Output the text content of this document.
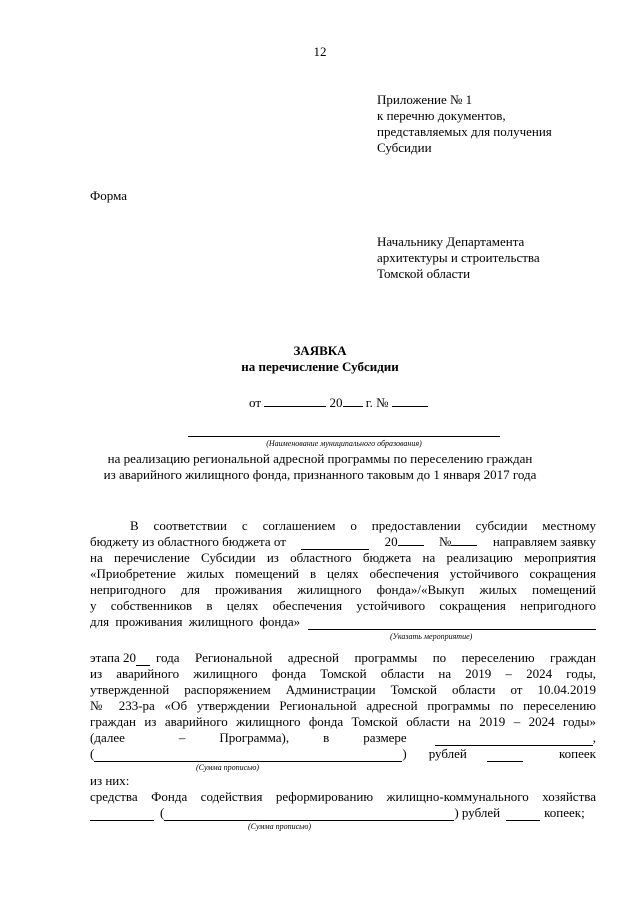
12
Приложение № 1
к перечню документов,
представляемых для получения
Субсидии
Форма
Начальнику Департамента
архитектуры и строительства
Томской области
ЗАЯВКА
на перечисление Субсидии
от	20 г. №
(Наименование муниципального образования)
на реализацию региональной адресной программы по переселению граждан
из аварийного жилищного фонда, признанного таковым до 1 января 2017 года
В соответствии с соглашением о предоставлении субсидии местному
бюджету из областного бюджета от	20	№	направляем заявку
на перечисление Субсидии из областного бюджета на реализацию мероприятия
«Приобретение жилых помещений в целях обеспечения устойчивого сокращения
непригодного для проживания жилищного фонда»/«Выкуп жилых помещений
у собственников в целях обеспечения устойчивого сокращения непригодного
для проживания жилищного фонда»
(Указать мероприятие)
этапа 20 года Региональной адресной программы по переселению граждан
из аварийного жилищного фонда Томской области на 2019 – 2024 годы,
утвержденной распоряжением Администрации Томской области от 10.04.2019
№ 233-ра «Об утверждении Региональной адресной программы по переселению
граждан из аварийного жилищного фонда Томской области на 2019 – 2024 годы»
(далее	–	Программа),	в	размере	,
(	) рублей	копеек
(Сумма прописью)
из них:
средства Фонда содействия реформированию жилищно-коммунального хозяйства
(	) рублей	копеек;
(Сумма прописью)
